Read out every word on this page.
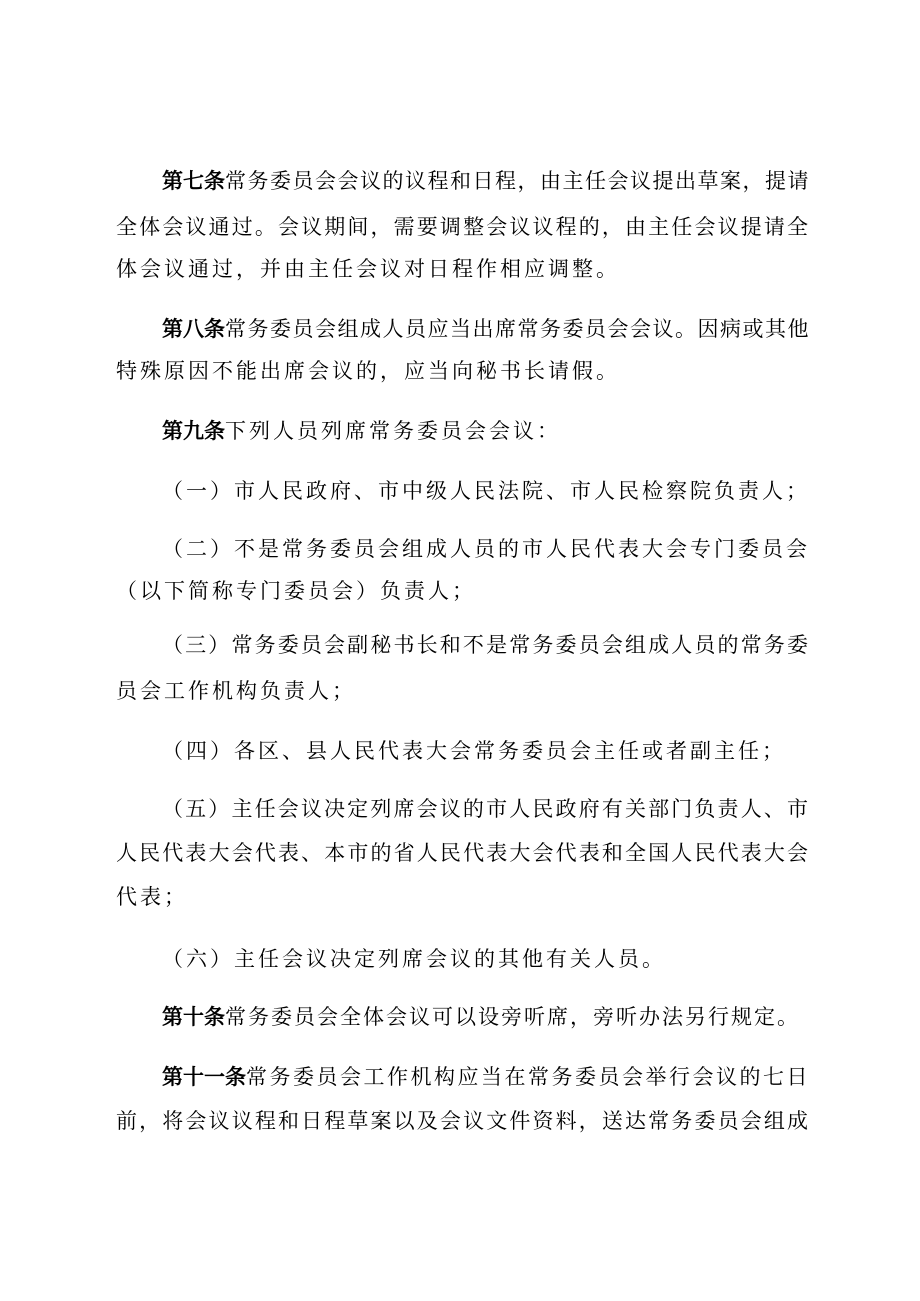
第七条常务委员会会议的议程和日程，由主任会议提出草案，提请

全体会议通过。会议期间，需要调整会议议程的，由主任会议提请全

体会议通过，并由主任会议对日程作相应调整。

第八条常务委员会组成人员应当出席常务委员会会议。因病或其他

特殊原因不能出席会议的，应当向秘书长请假。

第九条下列人员列席常务委员会会议：

（一）市人民政府、市中级人民法院、市人民检察院负责人；

（二）不是常务委员会组成人员的市人民代表大会专门委员会

（以下简称专门委员会）负责人；

（三）常务委员会副秘书长和不是常务委员会组成人员的常务委

员会工作机构负责人；

（四）各区、县人民代表大会常务委员会主任或者副主任；

（五）主任会议决定列席会议的市人民政府有关部门负责人、市

人民代表大会代表、本市的省人民代表大会代表和全国人民代表大会

代表；

（六）主任会议决定列席会议的其他有关人员。

第十条常务委员会全体会议可以设旁听席，旁听办法另行规定。

第十一条常务委员会工作机构应当在常务委员会举行会议的七日

前，将会议议程和日程草案以及会议文件资料，送达常务委员会组成
